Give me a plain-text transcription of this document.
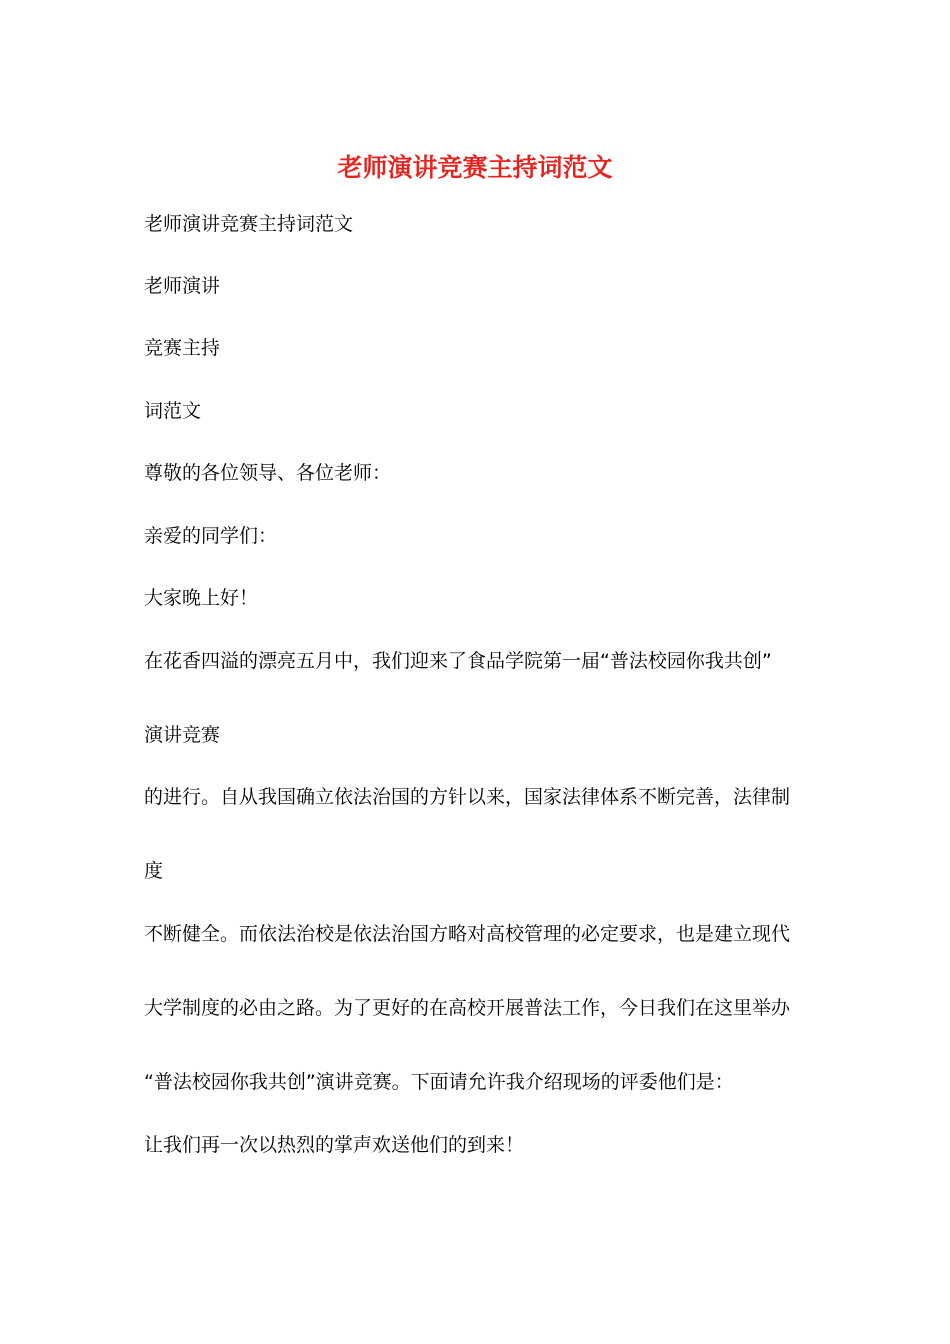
老师演讲竞赛主持词范文

老师演讲竞赛主持词范文

老师演讲

竞赛主持

词范文

尊敬的各位领导、各位老师：

亲爱的同学们：

大家晚上好！

在花香四溢的漂亮五月中，我们迎来了食品学院第一届“普法校园你我共创”

演讲竞赛

的进行。自从我国确立依法治国的方针以来，国家法律体系不断完善，法律制

度

不断健全。而依法治校是依法治国方略对高校管理的必定要求，也是建立现代

大学制度的必由之路。为了更好的在高校开展普法工作，今日我们在这里举办

“普法校园你我共创”演讲竞赛。下面请允许我介绍现场的评委他们是：

让我们再一次以热烈的掌声欢送他们的到来！
